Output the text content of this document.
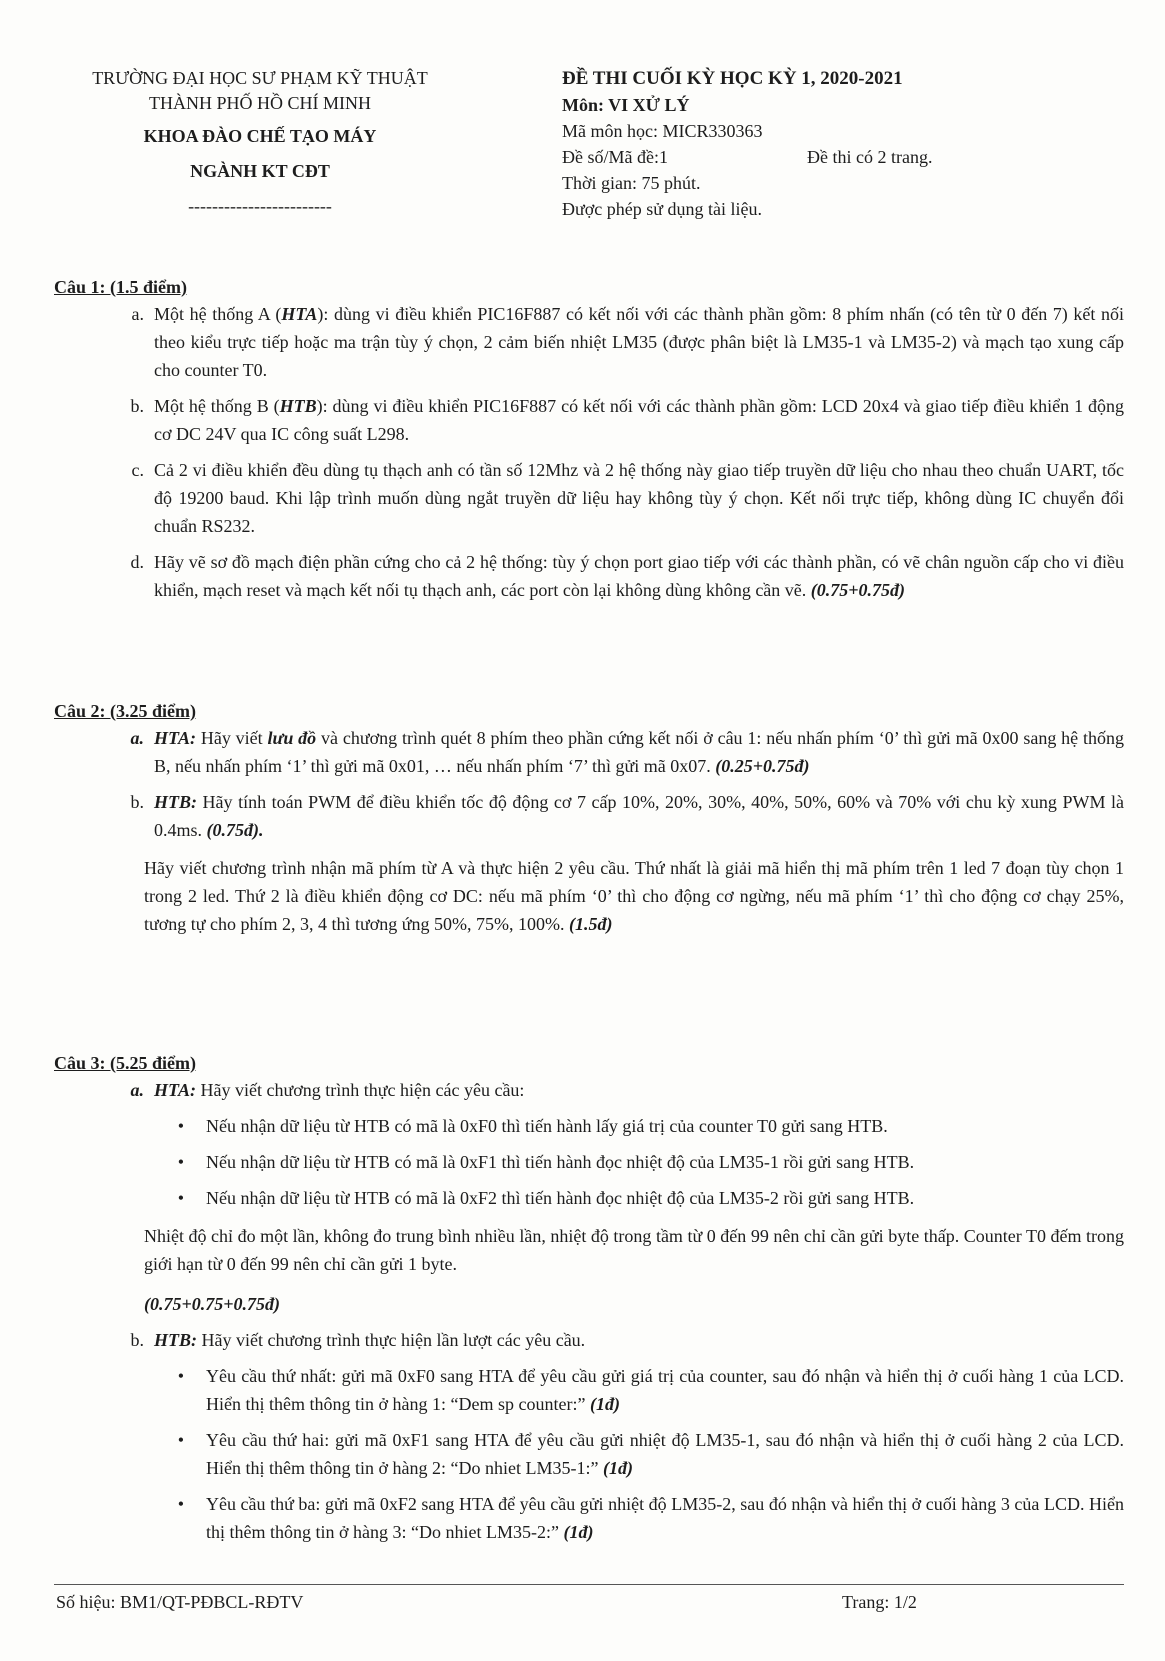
TRƯỜNG ĐẠI HỌC SƯ PHẠM KỸ THUẬT
THÀNH PHỐ HỒ CHÍ MINH
KHOA ĐÀO CHẾ TẠO MÁY
NGÀNH KT CĐT
------------------------
ĐỀ THI CUỐI KỲ HỌC KỲ 1, 2020-2021
Môn: VI XỬ LÝ
Mã môn học: MICR330363
Đề số/Mã đề:1	Đề thi có 2 trang.
Thời gian: 75 phút.
Được phép sử dụng tài liệu.
Câu 1: (1.5 điểm)
a. Một hệ thống A (HTA): dùng vi điều khiển PIC16F887 có kết nối với các thành phần gồm: 8 phím nhấn (có tên từ 0 đến 7) kết nối theo kiểu trực tiếp hoặc ma trận tùy ý chọn, 2 cảm biến nhiệt LM35 (được phân biệt là LM35-1 và LM35-2) và mạch tạo xung cấp cho counter T0.
b. Một hệ thống B (HTB): dùng vi điều khiển PIC16F887 có kết nối với các thành phần gồm: LCD 20x4 và giao tiếp điều khiển 1 động cơ DC 24V qua IC công suất L298.
c. Cả 2 vi điều khiển đều dùng tụ thạch anh có tần số 12Mhz và 2 hệ thống này giao tiếp truyền dữ liệu cho nhau theo chuẩn UART, tốc độ 19200 baud. Khi lập trình muốn dùng ngắt truyền dữ liệu hay không tùy ý chọn. Kết nối trực tiếp, không dùng IC chuyển đổi chuẩn RS232.
d. Hãy vẽ sơ đồ mạch điện phần cứng cho cả 2 hệ thống: tùy ý chọn port giao tiếp với các thành phần, có vẽ chân nguồn cấp cho vi điều khiển, mạch reset và mạch kết nối tụ thạch anh, các port còn lại không dùng không cần vẽ. (0.75+0.75đ)
Câu 2: (3.25 điểm)
a. HTA: Hãy viết lưu đồ và chương trình quét 8 phím theo phần cứng kết nối ở câu 1: nếu nhấn phím ‘0’ thì gửi mã 0x00 sang hệ thống B, nếu nhấn phím ‘1’ thì gửi mã 0x01, … nếu nhấn phím ‘7’ thì gửi mã 0x07. (0.25+0.75đ)
b. HTB: Hãy tính toán PWM để điều khiển tốc độ động cơ 7 cấp 10%, 20%, 30%, 40%, 50%, 60% và 70% với chu kỳ xung PWM là 0.4ms. (0.75đ).
Hãy viết chương trình nhận mã phím từ A và thực hiện 2 yêu cầu. Thứ nhất là giải mã hiển thị mã phím trên 1 led 7 đoạn tùy chọn 1 trong 2 led. Thứ 2 là điều khiển động cơ DC: nếu mã phím ‘0’ thì cho động cơ ngừng, nếu mã phím ‘1’ thì cho động cơ chạy 25%, tương tự cho phím 2, 3, 4 thì tương ứng 50%, 75%, 100%. (1.5đ)
Câu 3: (5.25 điểm)
a. HTA: Hãy viết chương trình thực hiện các yêu cầu:
•	Nếu nhận dữ liệu từ HTB có mã là 0xF0 thì tiến hành lấy giá trị của counter T0 gửi sang HTB.
•	Nếu nhận dữ liệu từ HTB có mã là 0xF1 thì tiến hành đọc nhiệt độ của LM35-1 rồi gửi sang HTB.
•	Nếu nhận dữ liệu từ HTB có mã là 0xF2 thì tiến hành đọc nhiệt độ của LM35-2 rồi gửi sang HTB.
Nhiệt độ chỉ đo một lần, không đo trung bình nhiều lần, nhiệt độ trong tầm từ 0 đến 99 nên chỉ cần gửi byte thấp. Counter T0 đếm trong giới hạn từ 0 đến 99 nên chỉ cần gửi 1 byte.
(0.75+0.75+0.75đ)
b. HTB: Hãy viết chương trình thực hiện lần lượt các yêu cầu.
•	Yêu cầu thứ nhất: gửi mã 0xF0 sang HTA để yêu cầu gửi giá trị của counter, sau đó nhận và hiển thị ở cuối hàng 1 của LCD. Hiển thị thêm thông tin ở hàng 1: “Dem sp counter:” (1đ)
•	Yêu cầu thứ hai: gửi mã 0xF1 sang HTA để yêu cầu gửi nhiệt độ LM35-1, sau đó nhận và hiển thị ở cuối hàng 2 của LCD. Hiển thị thêm thông tin ở hàng 2: “Do nhiet LM35-1:” (1đ)
•	Yêu cầu thứ ba: gửi mã 0xF2 sang HTA để yêu cầu gửi nhiệt độ LM35-2, sau đó nhận và hiển thị ở cuối hàng 3 của LCD. Hiển thị thêm thông tin ở hàng 3: “Do nhiet LM35-2:” (1đ)
Số hiệu: BM1/QT-PĐBCL-RĐTV	Trang: 1/2
